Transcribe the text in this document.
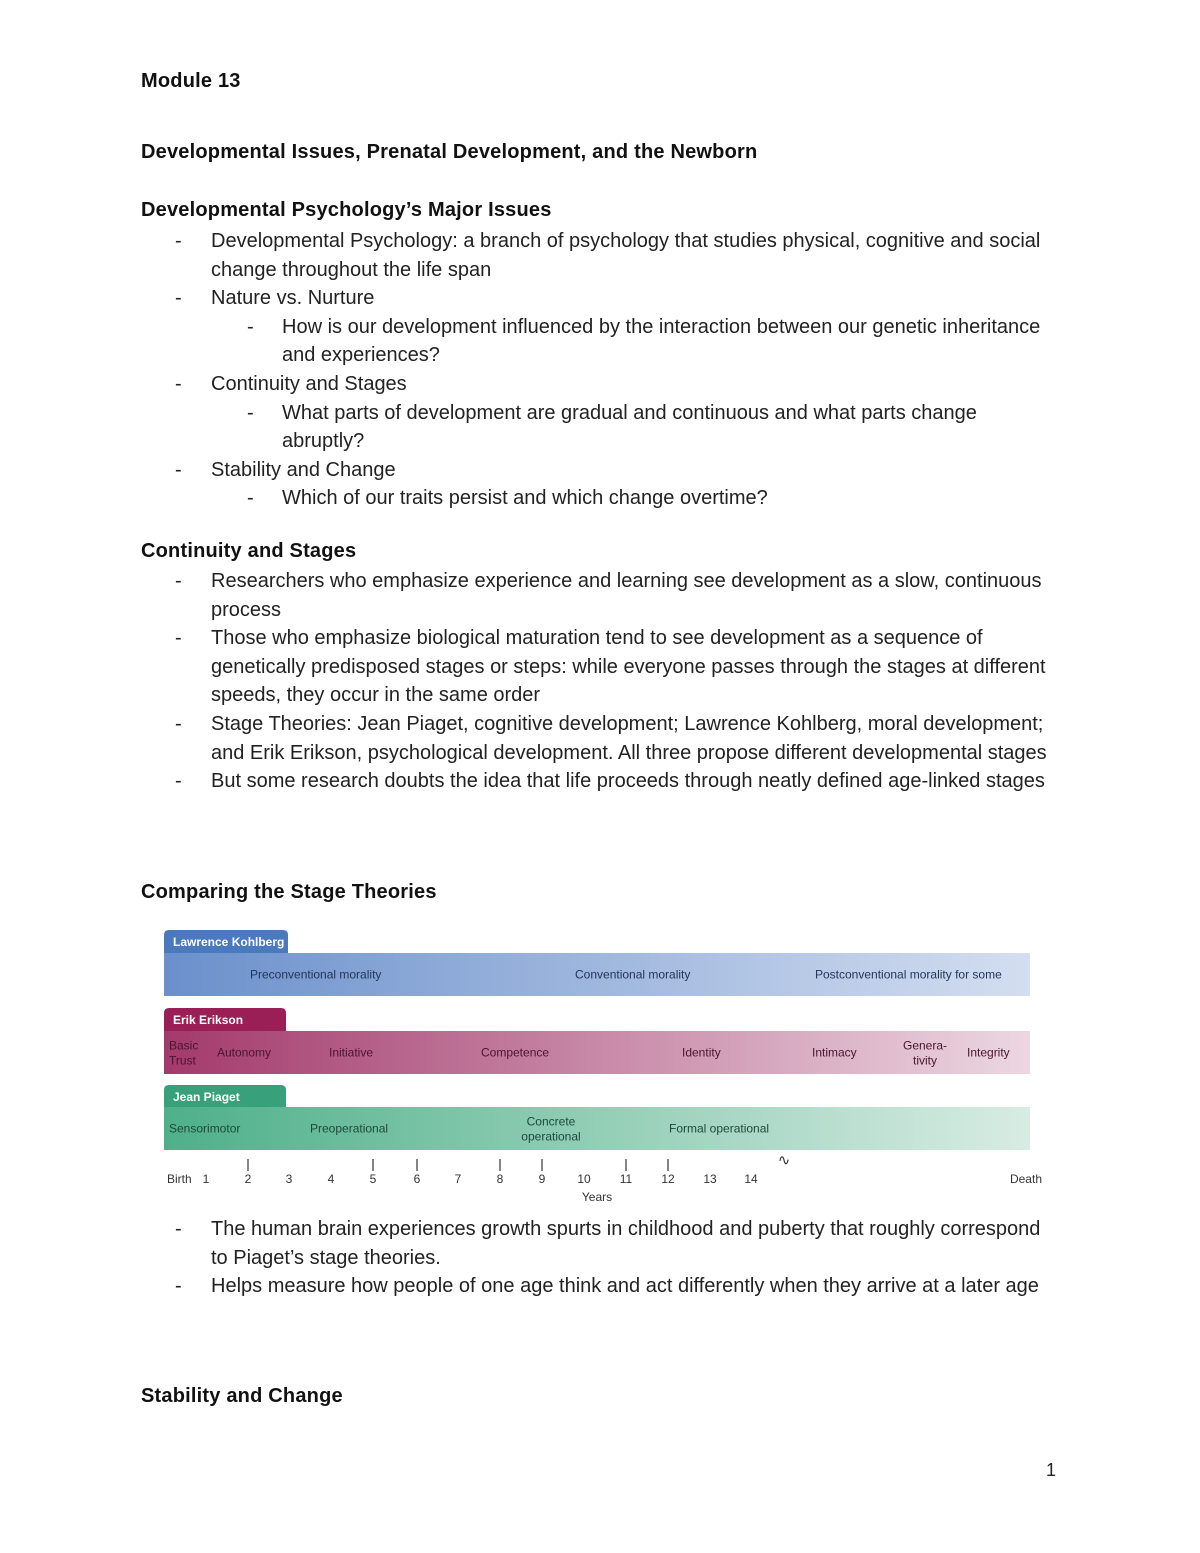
Module 13
Developmental Issues, Prenatal Development, and the Newborn
Developmental Psychology’s Major Issues
-	Developmental Psychology: a branch of psychology that studies physical, cognitive and social change throughout the life span
-	Nature vs. Nurture
-	How is our development influenced by the interaction between our genetic inheritance and experiences?
-	Continuity and Stages
-	What parts of development are gradual and continuous and what parts change abruptly?
-	Stability and Change
-	Which of our traits persist and which change overtime?
Continuity and Stages
-	Researchers who emphasize experience and learning see development as a slow, continuous process
-	Those who emphasize biological maturation tend to see development as a sequence of genetically predisposed stages or steps: while everyone passes through the stages at different speeds, they occur in the same order
-	Stage Theories: Jean Piaget, cognitive development; Lawrence Kohlberg, moral development; and Erik Erikson, psychological development. All three propose different developmental stages
-	But some research doubts the idea that life proceeds through neatly defined age-linked stages
Comparing the Stage Theories
Lawrence Kohlberg
Preconventional morality	Conventional morality	Postconventional morality for some
Erik Erikson
Basic
Trust
Autonomy	Initiative	Competence	Identity	Intimacy	Genera-
tivity
Integrity
Jean Piaget
Sensorimotor	Preoperational	Concrete
operational
Formal operational
Birth 1	2	3	4	5	6	7	8	9	10 11 12 13 14
∿
Death
Years
-	The human brain experiences growth spurts in childhood and puberty that roughly correspond to Piaget’s stage theories.
-	Helps measure how people of one age think and act differently when they arrive at a later age
Stability and Change
1
